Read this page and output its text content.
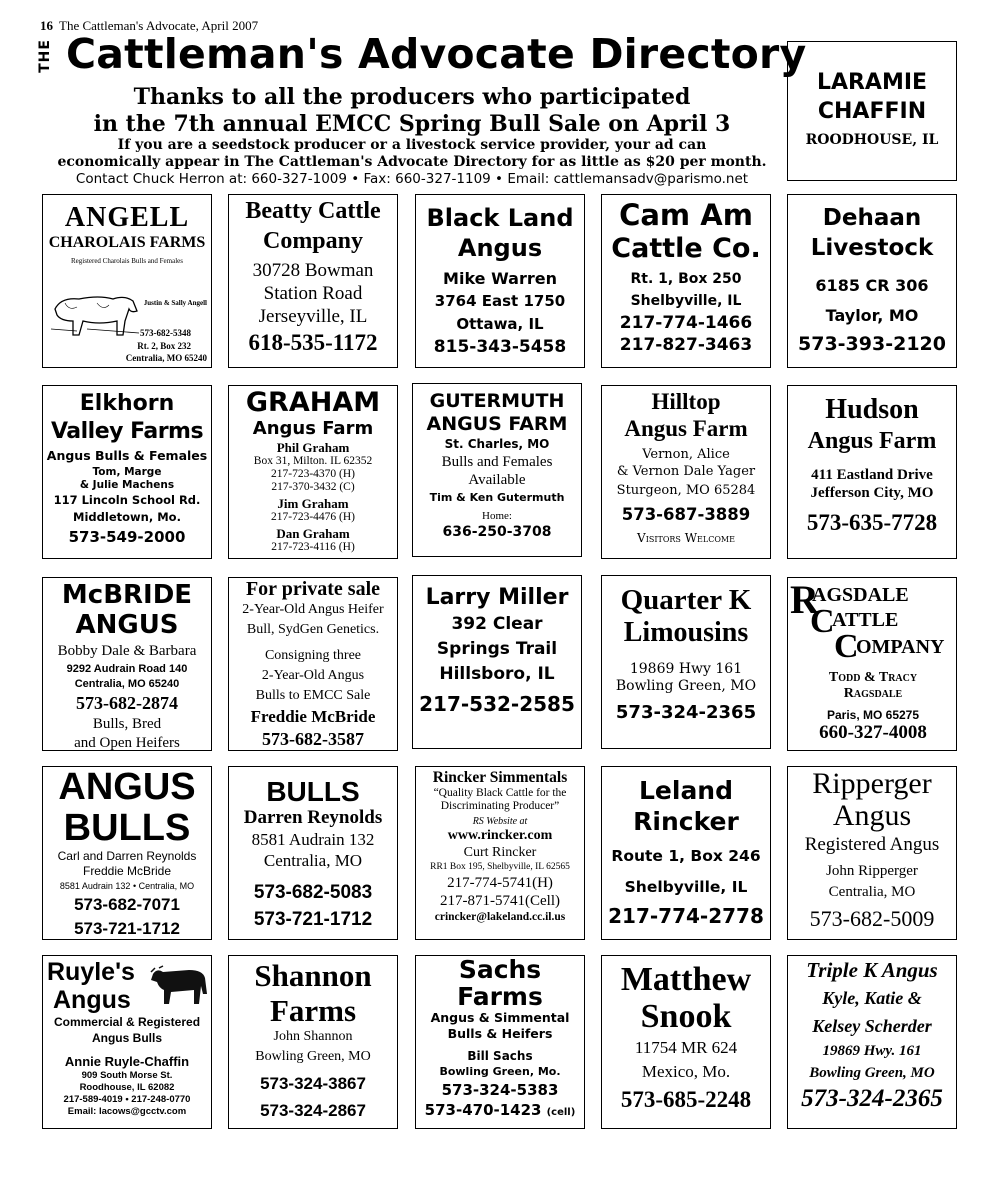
16 The Cattleman's Advocate, April 2007
THE Cattleman's Advocate Directory
Thanks to all the producers who participated
in the 7th annual EMCC Spring Bull Sale on April 3
If you are a seedstock producer or a livestock service provider, your ad can
economically appear in The Cattleman's Advocate Directory for as little as $20 per month.
Contact Chuck Herron at: 660-327-1009 • Fax: 660-327-1109 • Email: cattlemansadv@parismo.net
LARAMIE
CHAFFIN
ROODHOUSE, IL
ANGELL
CHAROLAIS FARMS
Registered Charolais Bulls and Females
Justin & Sally Angell
573-682-5348
Rt. 2, Box 232
Centralia, MO 65240
Beatty Cattle
Company
30728 Bowman
Station Road
Jerseyville, IL
618-535-1172
Black Land
Angus
Mike Warren
3764 East 1750
Ottawa, IL
815-343-5458
Cam Am
Cattle Co.
Rt. 1, Box 250
Shelbyville, IL
217-774-1466
217-827-3463
Dehaan
Livestock
6185 CR 306
Taylor, MO
573-393-2120
Elkhorn
Valley Farms
Angus Bulls & Females
Tom, Marge
& Julie Machens
117 Lincoln School Rd.
Middletown, Mo.
573-549-2000
GRAHAM
Angus Farm
Phil Graham
Box 31, Milton. IL 62352
217-723-4370 (H)
217-370-3432 (C)
Jim Graham
217-723-4476 (H)
Dan Graham
217-723-4116 (H)
GUTERMUTH
ANGUS FARM
St. Charles, MO
Bulls and Females
Available
Tim & Ken Gutermuth
Home:
636-250-3708
Hilltop
Angus Farm
Vernon, Alice
& Vernon Dale Yager
Sturgeon, MO 65284
573-687-3889
Visitors Welcome
Hudson
Angus Farm
411 Eastland Drive
Jefferson City, MO
573-635-7728
McBRIDE
ANGUS
Bobby Dale & Barbara
9292 Audrain Road 140
Centralia, MO 65240
573-682-2874
Bulls, Bred
and Open Heifers
For private sale
2-Year-Old Angus Heifer
Bull, SydGen Genetics.
Consigning three
2-Year-Old Angus
Bulls to EMCC Sale
Freddie McBride
573-682-3587
Larry Miller
392 Clear
Springs Trail
Hillsboro, IL
217-532-2585
Quarter K
Limousins
19869 Hwy 161
Bowling Green, MO
573-324-2365
R
AGSDALE
C
ATTLE
C
OMPANY
Todd & Tracy
Ragsdale
Paris, MO 65275
660-327-4008
ANGUS
BULLS
Carl and Darren Reynolds
Freddie McBride
8581 Audrain 132 • Centralia, MO
573-682-7071
573-721-1712
BULLS
Darren Reynolds
8581 Audrain 132
Centralia, MO
573-682-5083
573-721-1712
Rincker Simmentals
“Quality Black Cattle for the
Discriminating Producer”
RS Website at
www.rincker.com
Curt Rincker
RR1 Box 195, Shelbyville, IL 62565
217-774-5741(H)
217-871-5741(Cell)
crincker@lakeland.cc.il.us
Leland
Rincker
Route 1, Box 246
Shelbyville, IL
217-774-2778
Ripperger
Angus
Registered Angus
John Ripperger
Centralia, MO
573-682-5009
Ruyle's
Angus
Commercial & Registered
Angus Bulls
Annie Ruyle-Chaffin
909 South Morse St.
Roodhouse, IL 62082
217-589-4019 • 217-248-0770
Email: lacows@gcctv.com
Shannon
Farms
John Shannon
Bowling Green, MO
573-324-3867
573-324-2867
Sachs
Farms
Angus & Simmental
Bulls & Heifers
Bill Sachs
Bowling Green, Mo.
573-324-5383
573-470-1423 (cell)
Matthew
Snook
11754 MR 624
Mexico, Mo.
573-685-2248
Triple K Angus
Kyle, Katie &
Kelsey Scherder
19869 Hwy. 161
Bowling Green, MO
573-324-2365
